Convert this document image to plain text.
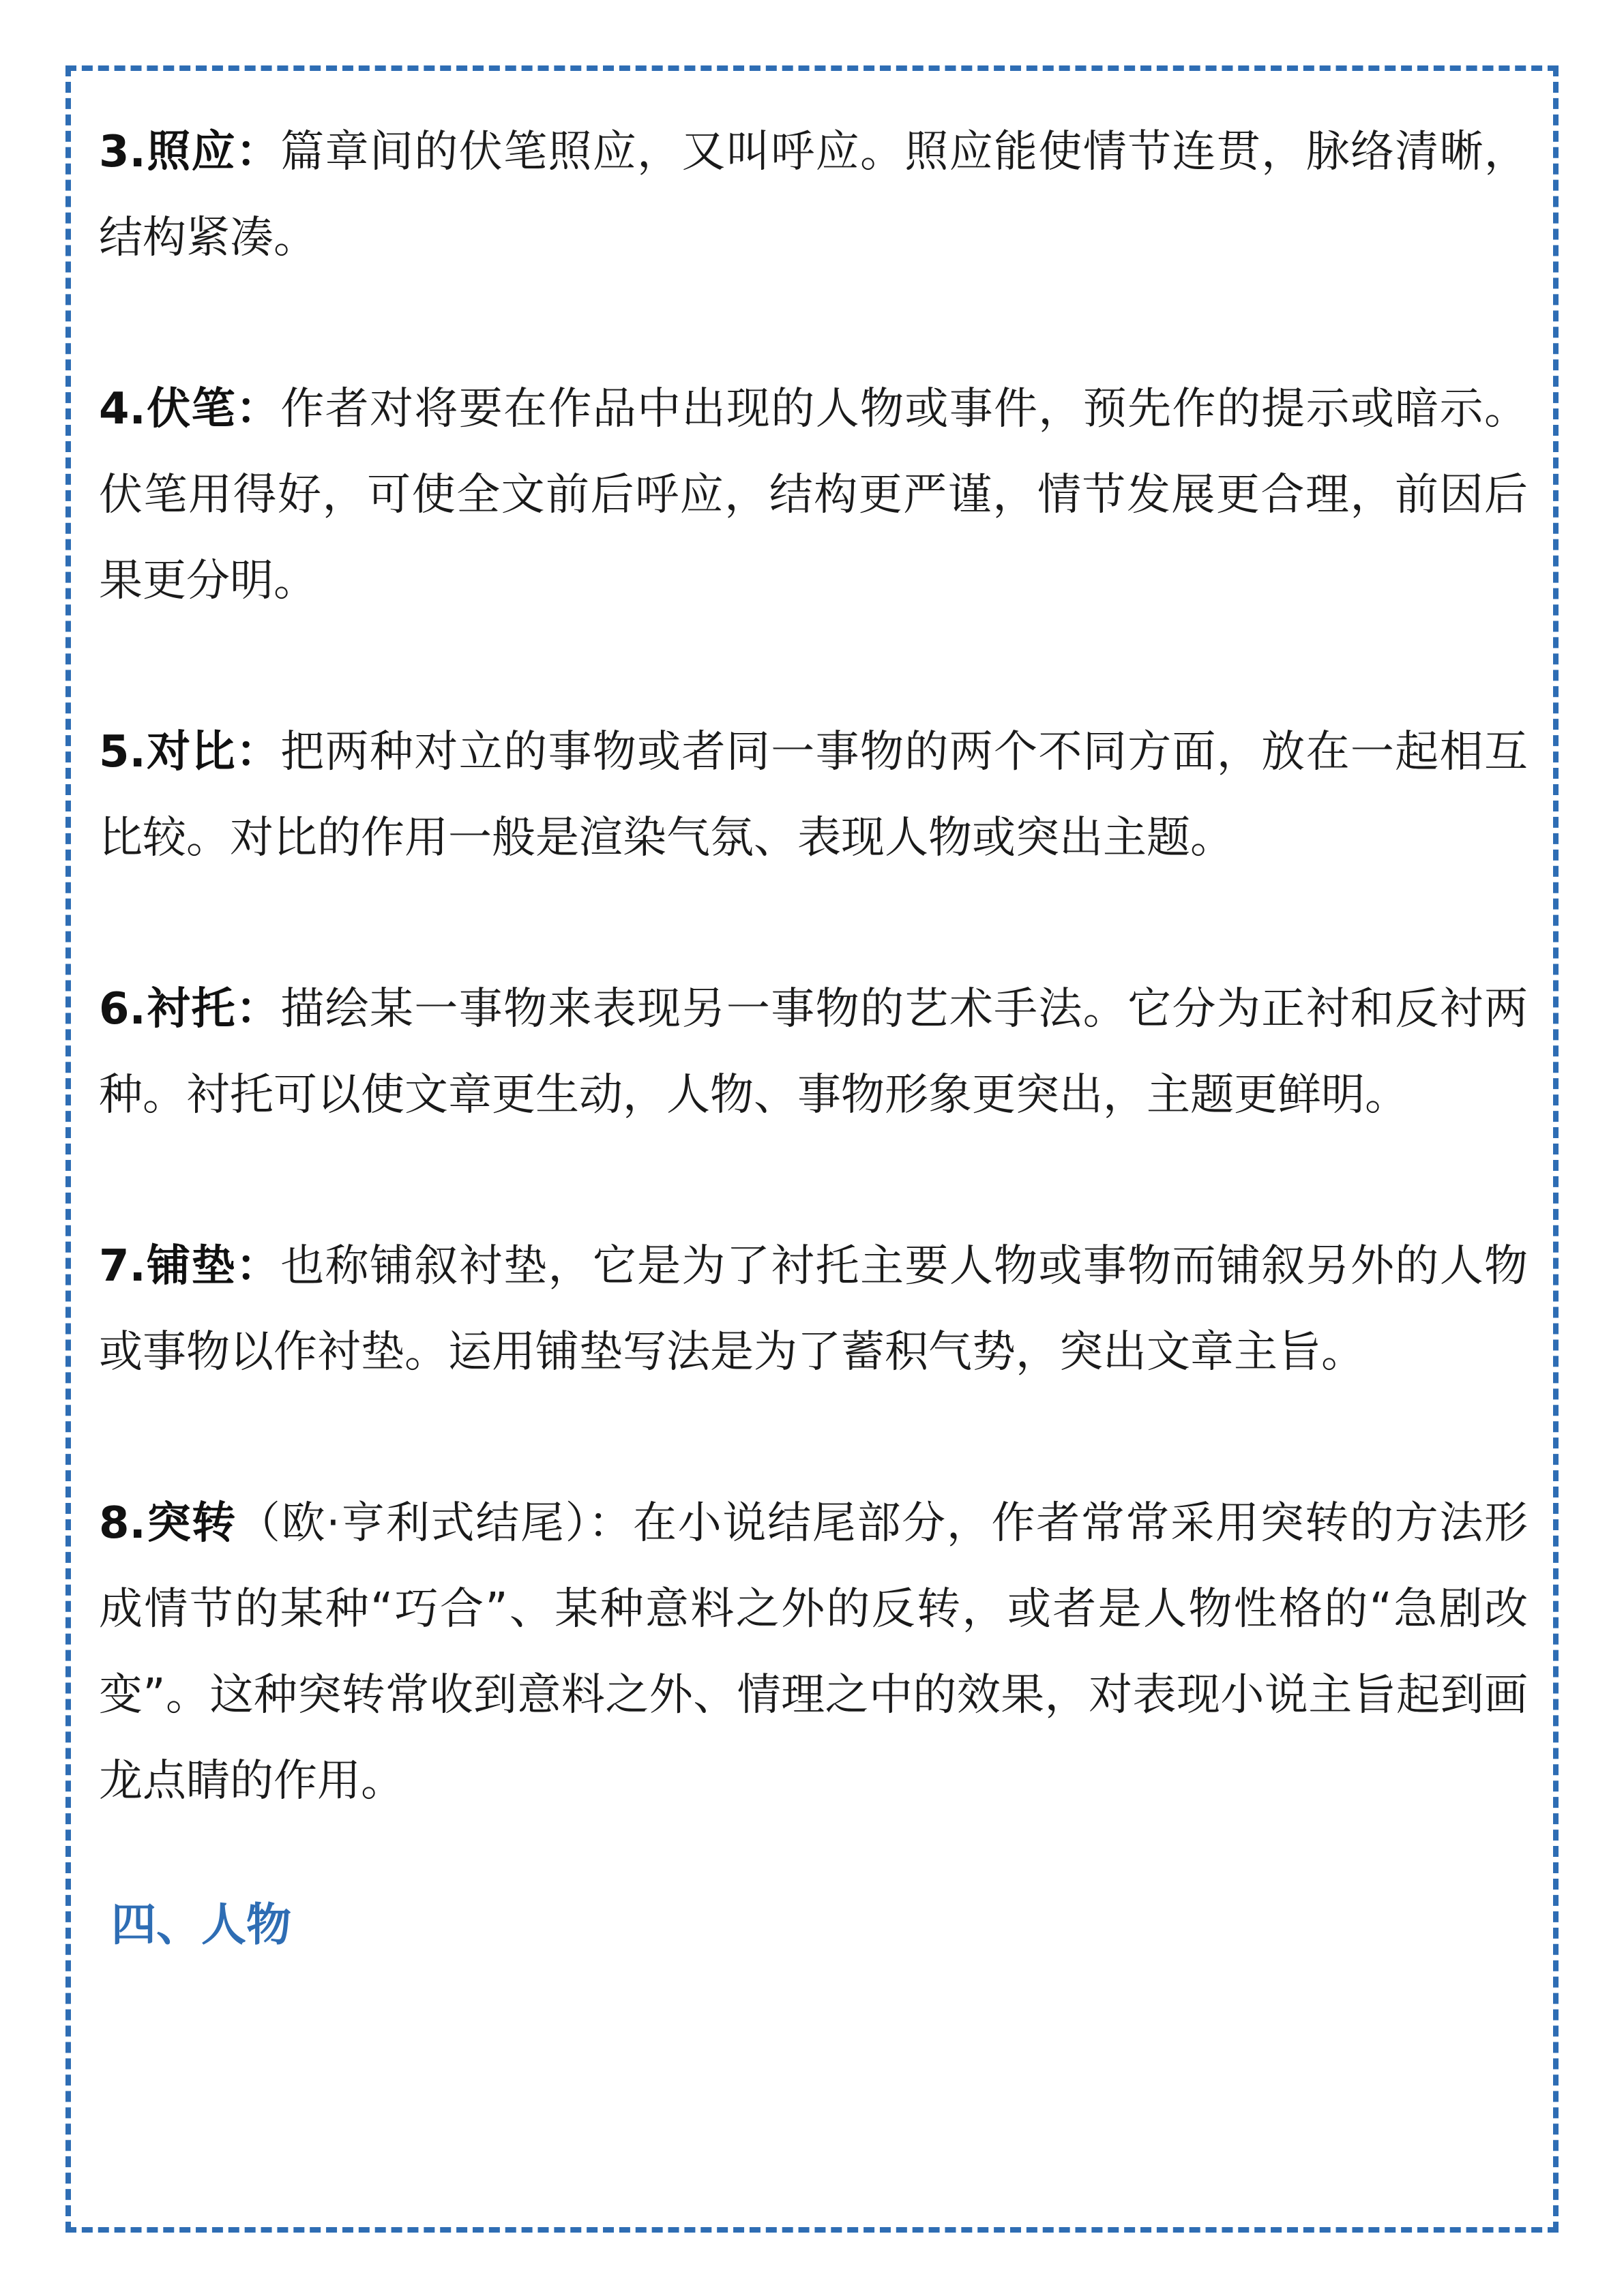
3.照应：篇章间的伏笔照应，又叫呼应。照应能使情节连贯，脉络清晰，结构紧凑。

4.伏笔：作者对将要在作品中出现的人物或事件，预先作的提示或暗示。伏笔用得好，可使全文前后呼应，结构更严谨，情节发展更合理，前因后果更分明。

5.对比：把两种对立的事物或者同一事物的两个不同方面，放在一起相互比较。对比的作用一般是渲染气氛、表现人物或突出主题。

6.衬托：描绘某一事物来表现另一事物的艺术手法。它分为正衬和反衬两种。衬托可以使文章更生动，人物、事物形象更突出，主题更鲜明。

7.铺垫：也称铺叙衬垫，它是为了衬托主要人物或事物而铺叙另外的人物或事物以作衬垫。运用铺垫写法是为了蓄积气势，突出文章主旨。

8.突转（欧·亨利式结尾）：在小说结尾部分，作者常常采用突转的方法形成情节的某种“巧合”、某种意料之外的反转，或者是人物性格的“急剧改变”。这种突转常收到意料之外、情理之中的效果，对表现小说主旨起到画龙点睛的作用。

四、人物
